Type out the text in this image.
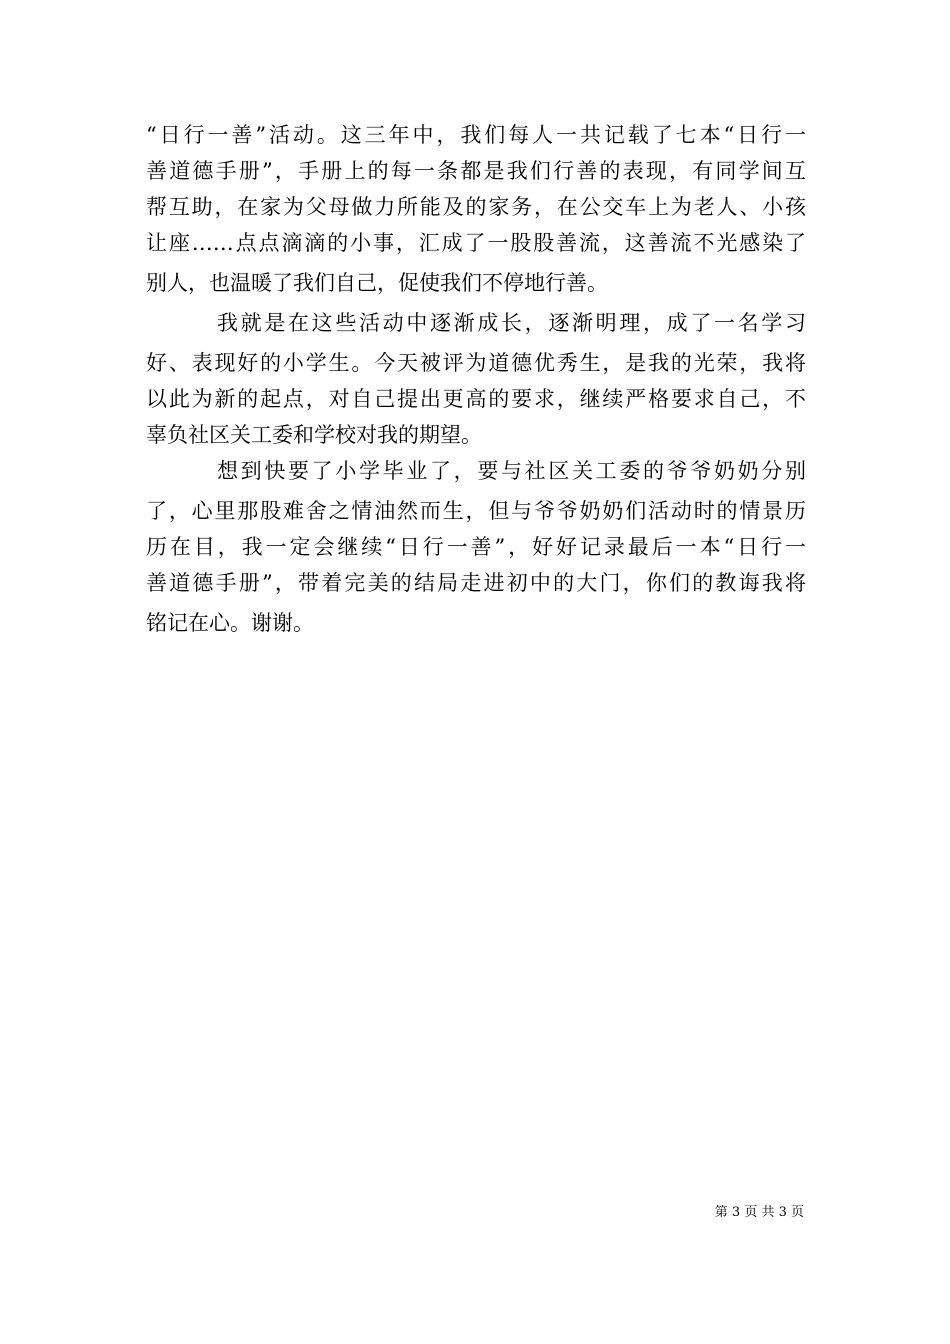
“日行一善”活动。这三年中，我们每人一共记载了七本“日行一
善道德手册”，手册上的每一条都是我们行善的表现，有同学间互
帮互助，在家为父母做力所能及的家务，在公交车上为老人、小孩
让座……点点滴滴的小事，汇成了一股股善流，这善流不光感染了
别人，也温暖了我们自己，促使我们不停地行善。
　　　我就是在这些活动中逐渐成长，逐渐明理，成了一名学习
好、表现好的小学生。今天被评为道德优秀生，是我的光荣，我将
以此为新的起点，对自己提出更高的要求，继续严格要求自己，不
辜负社区关工委和学校对我的期望。
　　　想到快要了小学毕业了，要与社区关工委的爷爷奶奶分别
了，心里那股难舍之情油然而生，但与爷爷奶奶们活动时的情景历
历在目，我一定会继续“日行一善”，好好记录最后一本“日行一
善道德手册”，带着完美的结局走进初中的大门，你们的教诲我将
铭记在心。谢谢。
第 3 页 共 3 页
